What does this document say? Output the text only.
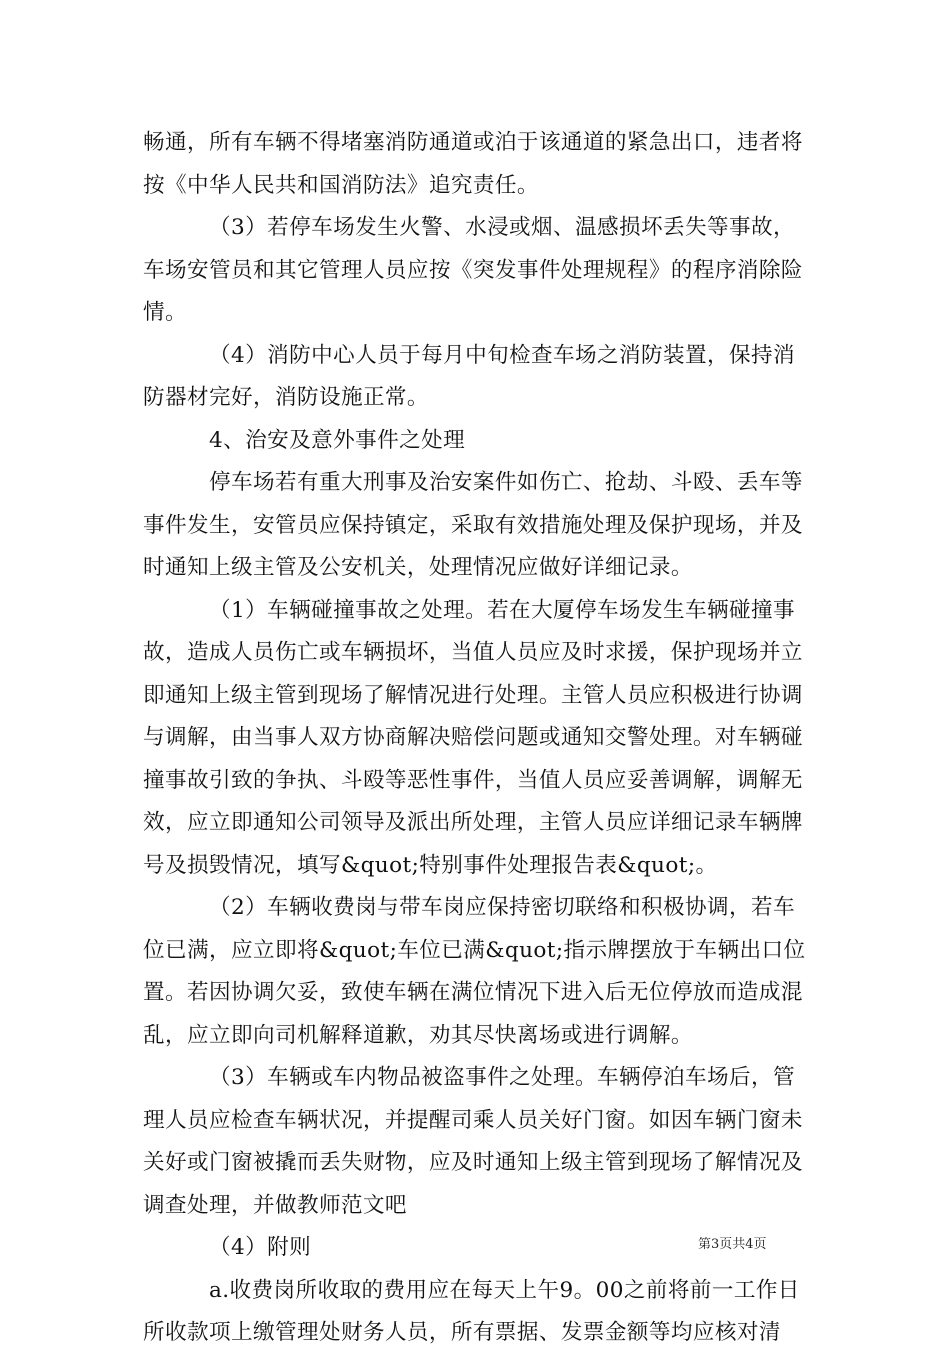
畅通，所有车辆不得堵塞消防通道或泊于该通道的紧急出口，违者将按《中华人民共和国消防法》追究责任。

（3）若停车场发生火警、水浸或烟、温感损坏丢失等事故，车场安管员和其它管理人员应按《突发事件处理规程》的程序消除险情。

（4）消防中心人员于每月中旬检查车场之消防装置，保持消防器材完好，消防设施正常。

4、治安及意外事件之处理

停车场若有重大刑事及治安案件如伤亡、抢劫、斗殴、丢车等事件发生，安管员应保持镇定，采取有效措施处理及保护现场，并及时通知上级主管及公安机关，处理情况应做好详细记录。

（1）车辆碰撞事故之处理。若在大厦停车场发生车辆碰撞事故，造成人员伤亡或车辆损坏，当值人员应及时求援，保护现场并立即通知上级主管到现场了解情况进行处理。主管人员应积极进行协调与调解，由当事人双方协商解决赔偿问题或通知交警处理。对车辆碰撞事故引致的争执、斗殴等恶性事件，当值人员应妥善调解，调解无效，应立即通知公司领导及派出所处理，主管人员应详细记录车辆牌号及损毁情况，填写&quot;特别事件处理报告表&quot;。

（2）车辆收费岗与带车岗应保持密切联络和积极协调，若车位已满，应立即将&quot;车位已满&quot;指示牌摆放于车辆出口位置。若因协调欠妥，致使车辆在满位情况下进入后无位停放而造成混乱，应立即向司机解释道歉，劝其尽快离场或进行调解。

（3）车辆或车内物品被盗事件之处理。车辆停泊车场后，管理人员应检查车辆状况，并提醒司乘人员关好门窗。如因车辆门窗未关好或门窗被撬而丢失财物，应及时通知上级主管到现场了解情况及调查处理，并做教师范文吧

（4）附则

a.收费岗所收取的费用应在每天上午9。00之前将前一工作日所收款项上缴管理处财务人员，所有票据、发票金额等均应核对清

第3页共4页
